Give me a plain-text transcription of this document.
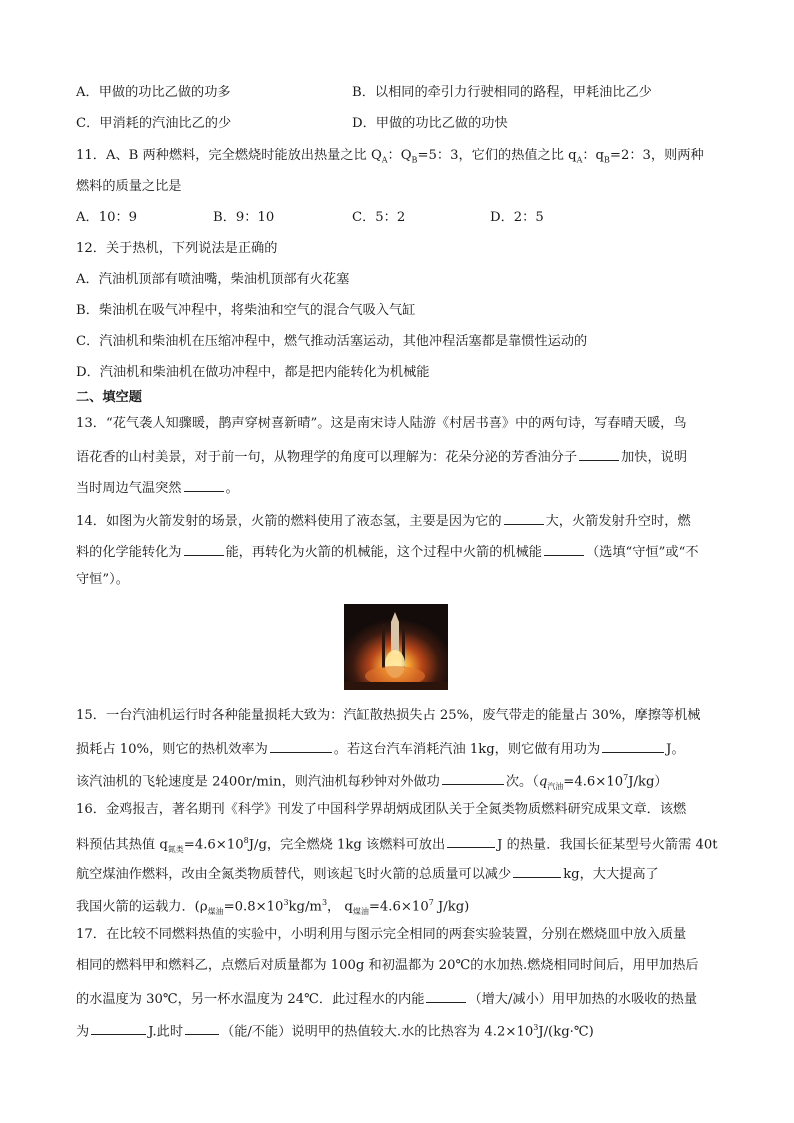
A．甲做的功比乙做的功多	B．以相同的牵引力行驶相同的路程，甲耗油比乙少
C．甲消耗的汽油比乙的少	D．甲做的功比乙做的功快
11．A、B 两种燃料，完全燃烧时能放出热量之比 $Q_A$：$Q_B=5$：3，它们的热值之比 $q_A$：$q_B=2$：3，则两种
燃料的质量之比是
A．10：9	B．9：10	C．5：2	D．2：5
12．关于热机，下列说法是正确的
A．汽油机顶部有喷油嘴，柴油机顶部有火花塞
B．柴油机在吸气冲程中，将柴油和空气的混合气吸入气缸
C．汽油机和柴油机在压缩冲程中，燃气推动活塞运动，其他冲程活塞都是靠惯性运动的
D．汽油机和柴油机在做功冲程中，都是把内能转化为机械能
二、填空题
13．“花气袭人知骤暖，鹊声穿树喜新晴”。这是南宋诗人陆游《村居书喜》中的两句诗，写春晴天暖，鸟
语花香的山村美景，对于前一句，从物理学的角度可以理解为：花朵分泌的芳香油分子	加快，说明
当时周边气温突然	。
14．如图为火箭发射的场景，火箭的燃料使用了液态氢，主要是因为它的	大，火箭发射升空时，燃
料的化学能转化为	能，再转化为火箭的机械能，这个过程中火箭的机械能	（选填“守恒”或“不
守恒”）。
15．一台汽油机运行时各种能量损耗大致为：汽缸散热损失占 25%，废气带走的能量占 30%，摩擦等机械
损耗占 10%，则它的热机效率为	。若这台汽车消耗汽油 1kg，则它做有用功为	J。
该汽油机的飞轮速度是 2400r/min，则汽油机每秒钟对外做功	次。$(q_{汽油}=4.6\times 10^7J/kg)$
16．金鸡报吉，著名期刊《科学》刊发了中国科学界胡炳成团队关于全氮类物质燃料研究成果文章．该燃
料预估其热值 $q_{氮类}=4.6\times 10^8J/g$，完全燃烧 1kg 该燃料可放出	J 的热量．我国长征某型号火箭需 40t
航空煤油作燃料，改由全氮类物质替代，则该起飞时火箭的总质量可以减少	kg，大大提高了
我国火箭的运载力．($\rho_{煤油}=0.8\times 10^3kg/m^3$， $q_{煤油}=4.6\times 10^7$ J/kg)
17．在比较不同燃料热值的实验中，小明利用与图示完全相同的两套实验装置，分别在燃烧皿中放入质量
相同的燃料甲和燃料乙，点燃后对质量都为 100g 和初温都为 20℃的水加热.燃烧相同时间后，用甲加热后
的水温度为 30℃，另一杯水温度为 24℃．此过程水的内能	（增大/减小）用甲加热的水吸收的热量
为	J.此时	（能/不能）说明甲的热值较大.水的比热容为 $4.2\times 10^3J/(kg\cdot℃)$
